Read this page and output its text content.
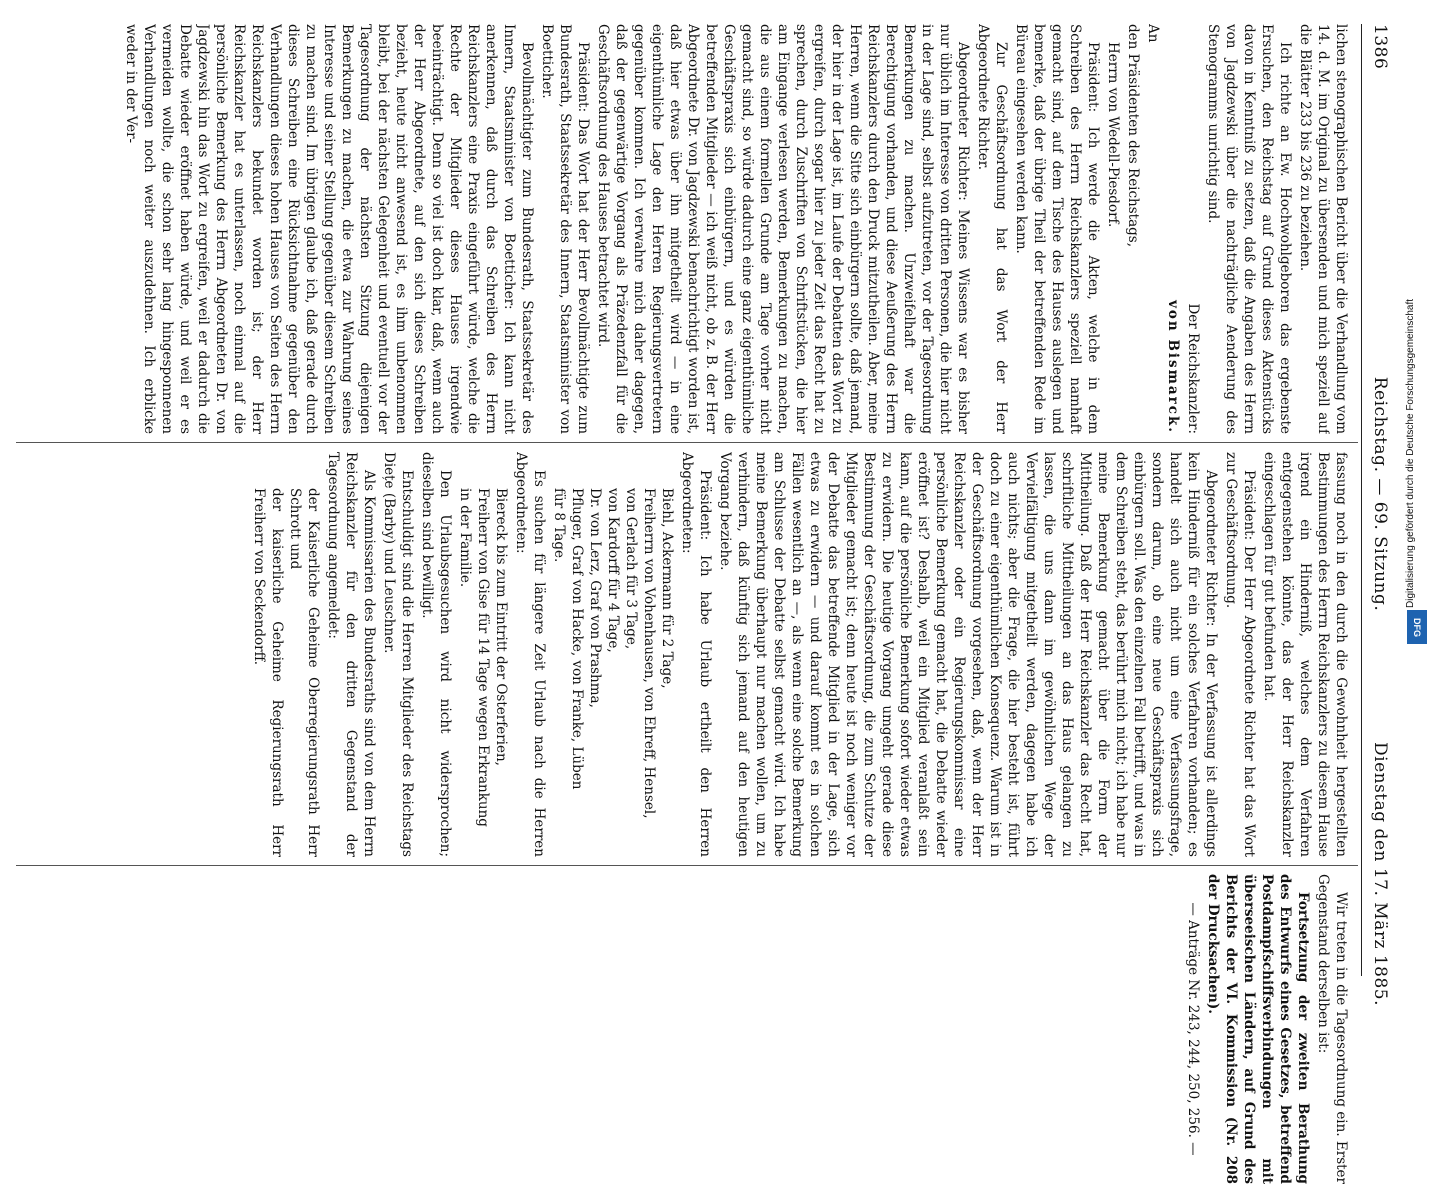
1386
Reichstag. — 69. Sitzung.
Dienstag den 17. März 1885.

lichen stenographischen Bericht über die Verhandlung vom 14. d. M. im Original zu übersenden und mich speziell auf die Blätter 233 bis 236 zu beziehen.

Ich richte an Ew. Hochwohlgeboren das ergebenste Ersuchen, den Reichstag auf Grund dieses Aktenstücks davon in Kenntniß zu setzen, daß die Angaben des Herrn von Jagdzewski über die nachträgliche Aenderung des Stenogramms unrichtig sind.

Der Reichskanzler:

von Bismarck.

An

den Präsidenten des Reichstags,

Herrn von Wedell-Piesdorf.

Präsident: Ich werde die Akten, welche in dem Schreiben des Herrn Reichskanzlers speziell namhaft gemacht sind, auf dem Tische des Hauses auslegen und bemerke, daß der übrige Theil der betreffenden Rede im Büreau eingesehen werden kann.

Zur Geschäftsordnung hat das Wort der Herr Abgeordnete Richter.

Abgeordneter Richter: Meines Wissens war es bisher nur üblich im Interesse von dritten Personen, die hier nicht in der Lage sind, selbst aufzutreten, vor der Tagesordnung Bemerkungen zu machen. Unzweifelhaft war die Berechtigung vorhanden, und diese Aeußerung des Herrn Reichskanzlers durch den Druck mitzutheilen. Aber, meine Herren, wenn die Sitte sich einbürgern sollte, daß jemand, der hier in der Lage ist, im Laufe der Debatten das Wort zu ergreifen, durch sogar hier zu jeder Zeit das Recht hat zu sprechen, durch Zuschriften von Schriftstücken, die hier am Eingange verlesen werden, Bemerkungen zu machen, die aus einem formellen Grunde am Tage vorher nicht gemacht sind, so würde dadurch eine ganz eigenthümliche Geschäftspraxis sich einbürgern, und es würden die betreffenden Mitglieder — ich weiß nicht, ob z. B. der Herr Abgeordnete Dr. von Jagdzewski benachrichtigt worden ist, daß hier etwas über ihn mitgetheilt wird — in eine eigenthümliche Lage den Herren Regierungsvertretern gegenüber kommen. Ich verwahre mich daher dagegen, daß der gegenwärtige Vorgang als Präzedenzfall für die Geschäftsordnung des Hauses betrachtet wird.

Präsident: Das Wort hat der Herr Bevollmächtigte zum Bundesrath, Staatssekretär des Innern, Staatsminister von Boetticher.

Bevollmächtigter zum Bundesrath, Staatssekretär des Innern, Staatsminister von Boetticher: Ich kann nicht anerkennen, daß durch das Schreiben des Herrn Reichskanzlers eine Praxis eingeführt würde, welche die Rechte der Mitglieder dieses Hauses irgendwie beeinträchtigt. Denn so viel ist doch klar, daß, wenn auch der Herr Abgeordnete, auf den sich dieses Schreiben bezieht, heute nicht anwesend ist, es ihm unbenommen bleibt, bei der nächsten Gelegenheit und eventuell vor der Tagesordnung der nächsten Sitzung diejenigen Bemerkungen zu machen, die etwa zur Wahrung seines Interesse und seiner Stellung gegenüber diesem Schreiben zu machen sind. Im übrigen glaube ich, daß gerade durch dieses Schreiben eine Rücksichtnahme gegenüber den Verhandlungen dieses hohen Hauses von Seiten des Herrn Reichskanzlers bekundet worden ist; der Herr Reichskanzler hat es unterlassen, noch einmal auf die persönliche Bemerkung des Herrn Abgeordneten Dr. von Jagdzewski hin das Wort zu ergreifen, weil er dadurch die Debatte wieder eröffnet haben würde, und weil er es vermeiden wollte, die schon sehr lang hingesponnenen Verhandlungen noch weiter auszudehnen. Ich erblicke weder in der Ver-

fassung noch in den durch die Gewohnheit hergestellten Bestimmungen des Herrn Reichskanzlers zu diesem Hause irgend ein Hinderniß, welches dem Verfahren entgegenstehen könnte, das der Herr Reichskanzler eingeschlagen für gut befunden hat.

Präsident: Der Herr Abgeordnete Richter hat das Wort zur Geschäftsordnung.

Abgeordneter Richter: In der Verfassung ist allerdings kein Hinderniß für ein solches Verfahren vorhanden; es handelt sich auch nicht um eine Verfassungsfrage, sondern darum, ob eine neue Geschäftspraxis sich einbürgern soll. Was den einzelnen Fall betrifft, und was in dem Schreiben steht, das berührt mich nicht; ich habe nur meine Bemerkung gemacht über die Form der Mittheilung. Daß der Herr Reichskanzler das Recht hat, schriftliche Mittheilungen an das Haus gelangen zu lassen, die uns dann im gewöhnlichen Wege der Vervielfältigung mitgetheilt werden, dagegen habe ich auch nichts; aber die Frage, die hier besteht ist, führt doch zu einer eigenthümlichen Konsequenz. Warum ist in der Geschäftsordnung vorgesehen, daß, wenn der Herr Reichskanzler oder ein Regierungskommissar eine persönliche Bemerkung gemacht hat, die Debatte wieder eröffnet ist? Deshalb, weil ein Mitglied veranlaßt sein kann, auf die persönliche Bemerkung sofort wieder etwas zu erwidern. Die heutige Vorgang umgeht gerade diese Bestimmung der Geschäftsordnung, die zum Schutze der Mitglieder gemacht ist; denn heute ist noch weniger vor der Debatte das betreffende Mitglied in der Lage, sich etwas zu erwidern — und darauf kommt es in solchen Fällen wesentlich an —, als wenn eine solche Bemerkung am Schlusse der Debatte selbst gemacht wird. Ich habe meine Bemerkung überhaupt nur machen wollen, um zu verhindern, daß künftig sich jemand auf den heutigen Vorgang beziehe.

Präsident: Ich habe Urlaub ertheilt den Herren Abgeordneten:

Biehl, Ackermann für 2 Tage,
Freiherrn von Vohenhausen, von Ehreff, Hensel,
von Gerlach für 3 Tage,
von Kardorff für 4 Tage,
Dr. von Lerz, Graf von Prashma,
Pfluger, Graf von Hacke, von Franke, Lüben
für 8 Tage.

Es suchen für längere Zeit Urlaub nach die Herren Abgeordneten:

Biereck bis zum Eintritt der Osterferien,
Freiherr von Gise für 14 Tage wegen Erkrankung
in der Familie.

Den Urlaubsgesuchen wird nicht widersprochen; dieselben sind bewilligt.

Entschuldigt sind die Herren Mitglieder des Reichstags Diețe (Barby) und Leuschner.

Als Kommissarien des Bundesraths sind von dem Herrn Reichskanzler für den dritten Gegenstand der Tagesordnung angemeldet:

der Kaiserliche Geheime Oberregierungsrath Herr Schrott und
der kaiserliche Geheime Regierungsrath Herr Freiherr von Seckendorff.

Wir treten in die Tagesordnung ein. Erster Gegenstand derselben ist:

Fortsetzung der zweiten Berathung des Entwurfs eines Gesetzes, betreffend Postdampfschiffsverbindungen mit überseeischen Ländern, auf Grund des Berichts der VI. Kommission (Nr. 208 der Drucksachen).

— Anträge Nr. 243, 244, 250, 256. —

Digitalisierung gefördert durch die Deutsche Forschungsgemeinschaft
DFG
